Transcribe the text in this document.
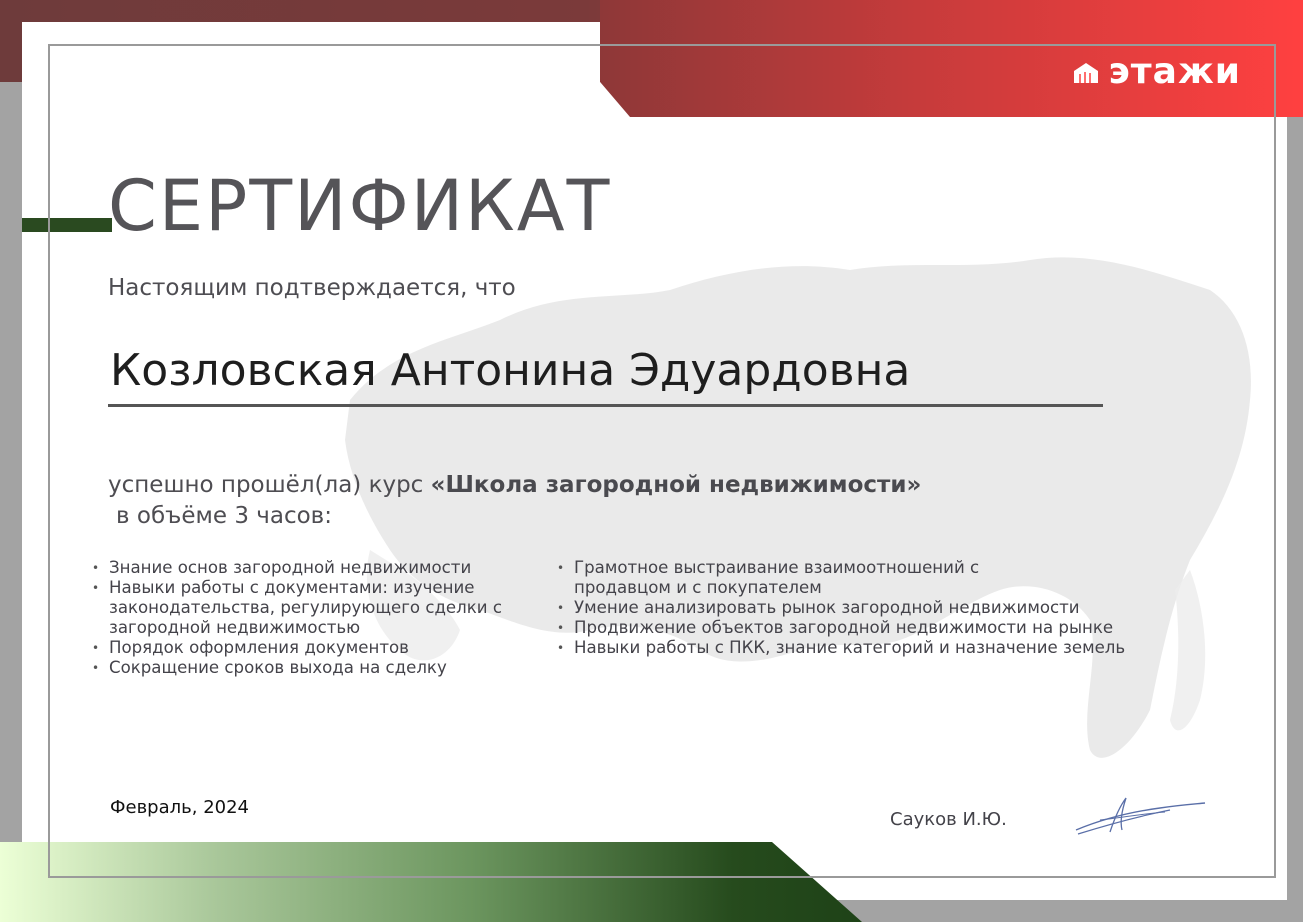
этажи
СЕРТИФИКАТ
Настоящим подтверждается, что
Козловская Антонина Эдуардовна
успешно прошёл(ла) курс «Школа загородной недвижимости»
в объёме 3 часов:
• Знание основ загородной недвижимости
• Навыки работы с документами: изучение законодательства, регулирующего сделки с загородной недвижимостью
• Порядок оформления документов
• Сокращение сроков выхода на сделку
• Грамотное выстраивание взаимоотношений с продавцом и с покупателем
• Умение анализировать рынок загородной недвижимости
• Продвижение объектов загородной недвижимости на рынке
• Навыки работы с ПКК, знание категорий и назначение земель
Февраль, 2024
Сауков И.Ю.
